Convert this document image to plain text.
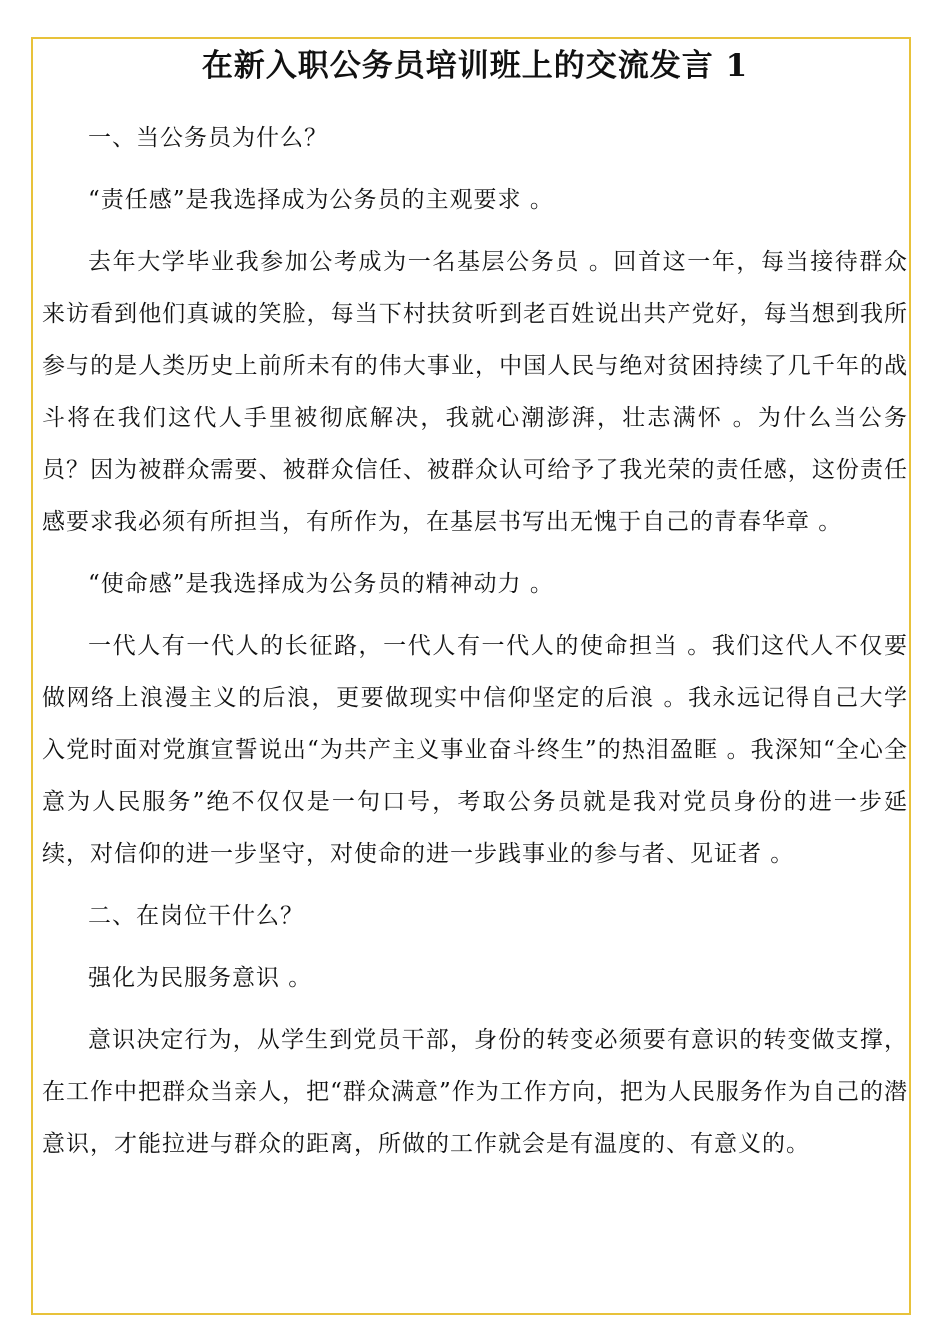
在新入职公务员培训班上的交流发言 1

一、当公务员为什么？

“责任感”是我选择成为公务员的主观要求 。

去年大学毕业我参加公考成为一名基层公务员 。回首这一年，每当接待群众来访看到他们真诚的笑脸，每当下村扶贫听到老百姓说出共产党好，每当想到我所参与的是人类历史上前所未有的伟大事业，中国人民与绝对贫困持续了几千年的战斗将在我们这代人手里被彻底解决，我就心潮澎湃，壮志满怀 。为什么当公务员？因为被群众需要、被群众信任、被群众认可给予了我光荣的责任感，这份责任感要求我必须有所担当，有所作为，在基层书写出无愧于自己的青春华章 。

“使命感”是我选择成为公务员的精神动力 。

一代人有一代人的长征路，一代人有一代人的使命担当 。我们这代人不仅要做网络上浪漫主义的后浪，更要做现实中信仰坚定的后浪 。我永远记得自己大学入党时面对党旗宣誓说出“为共产主义事业奋斗终生”的热泪盈眶 。我深知“全心全意为人民服务”绝不仅仅是一句口号，考取公务员就是我对党员身份的进一步延续，对信仰的进一步坚守，对使命的进一步践事业的参与者、见证者 。

二、在岗位干什么？

强化为民服务意识 。

意识决定行为，从学生到党员干部，身份的转变必须要有意识的转变做支撑，在工作中把群众当亲人，把“群众满意”作为工作方向，把为人民服务作为自己的潜意识，才能拉进与群众的距离，所做的工作就会是有温度的、有意义的。
